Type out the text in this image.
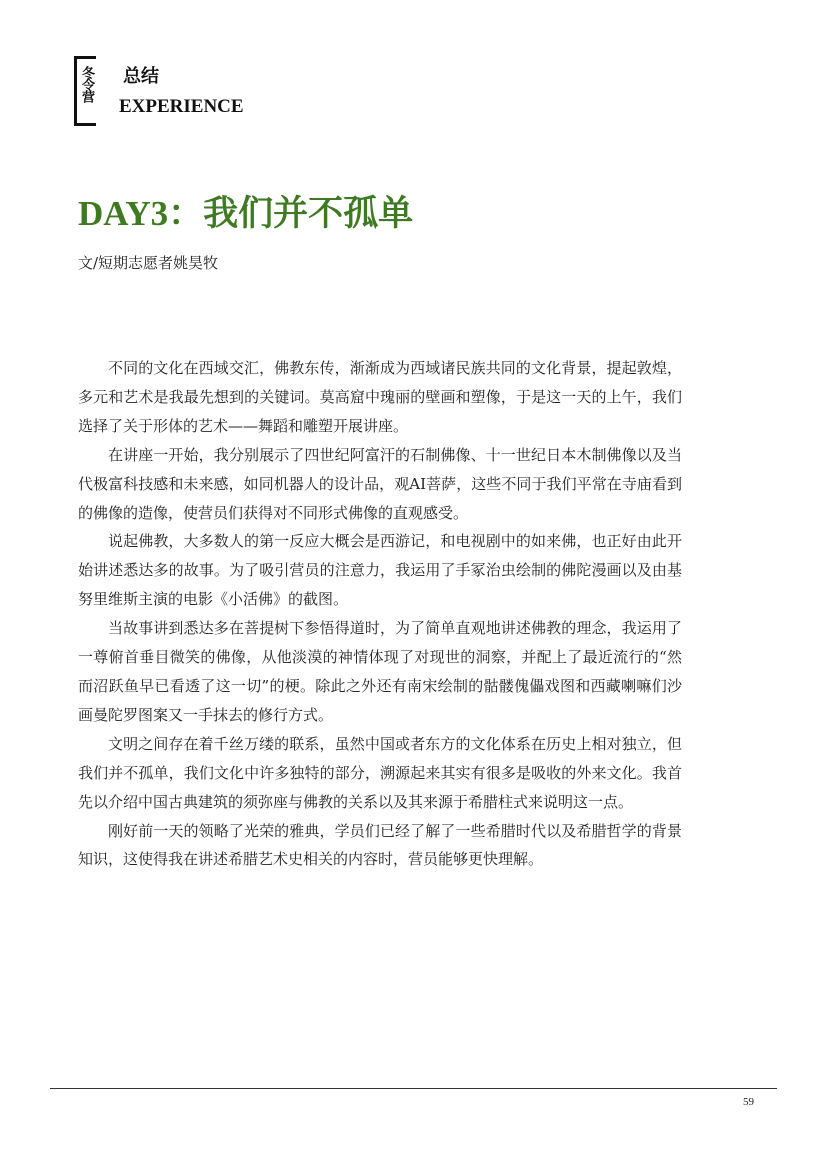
冬令营 总结
EXPERIENCE
DAY3：我们并不孤单
文/短期志愿者姚昊牧

不同的文化在西域交汇，佛教东传，渐渐成为西域诸民族共同的文化背景，提起敦煌，多元和艺术是我最先想到的关键词。莫高窟中瑰丽的壁画和塑像，于是这一天的上午，我们选择了关于形体的艺术——舞蹈和雕塑开展讲座。

在讲座一开始，我分别展示了四世纪阿富汗的石制佛像、十一世纪日本木制佛像以及当代极富科技感和未来感，如同机器人的设计品，观AI菩萨，这些不同于我们平常在寺庙看到的佛像的造像，使营员们获得对不同形式佛像的直观感受。

说起佛教，大多数人的第一反应大概会是西游记，和电视剧中的如来佛，也正好由此开始讲述悉达多的故事。为了吸引营员的注意力，我运用了手冢治虫绘制的佛陀漫画以及由基努里维斯主演的电影《小活佛》的截图。

当故事讲到悉达多在菩提树下参悟得道时，为了简单直观地讲述佛教的理念，我运用了一尊俯首垂目微笑的佛像，从他淡漠的神情体现了对现世的洞察，并配上了最近流行的“然而沼跃鱼早已看透了这一切”的梗。除此之外还有南宋绘制的骷髅傀儡戏图和西藏喇嘛们沙画曼陀罗图案又一手抹去的修行方式。

文明之间存在着千丝万缕的联系，虽然中国或者东方的文化体系在历史上相对独立，但我们并不孤单，我们文化中许多独特的部分，溯源起来其实有很多是吸收的外来文化。我首先以介绍中国古典建筑的须弥座与佛教的关系以及其来源于希腊柱式来说明这一点。

刚好前一天的领略了光荣的雅典，学员们已经了解了一些希腊时代以及希腊哲学的背景知识，这使得我在讲述希腊艺术史相关的内容时，营员能够更快理解。

59
